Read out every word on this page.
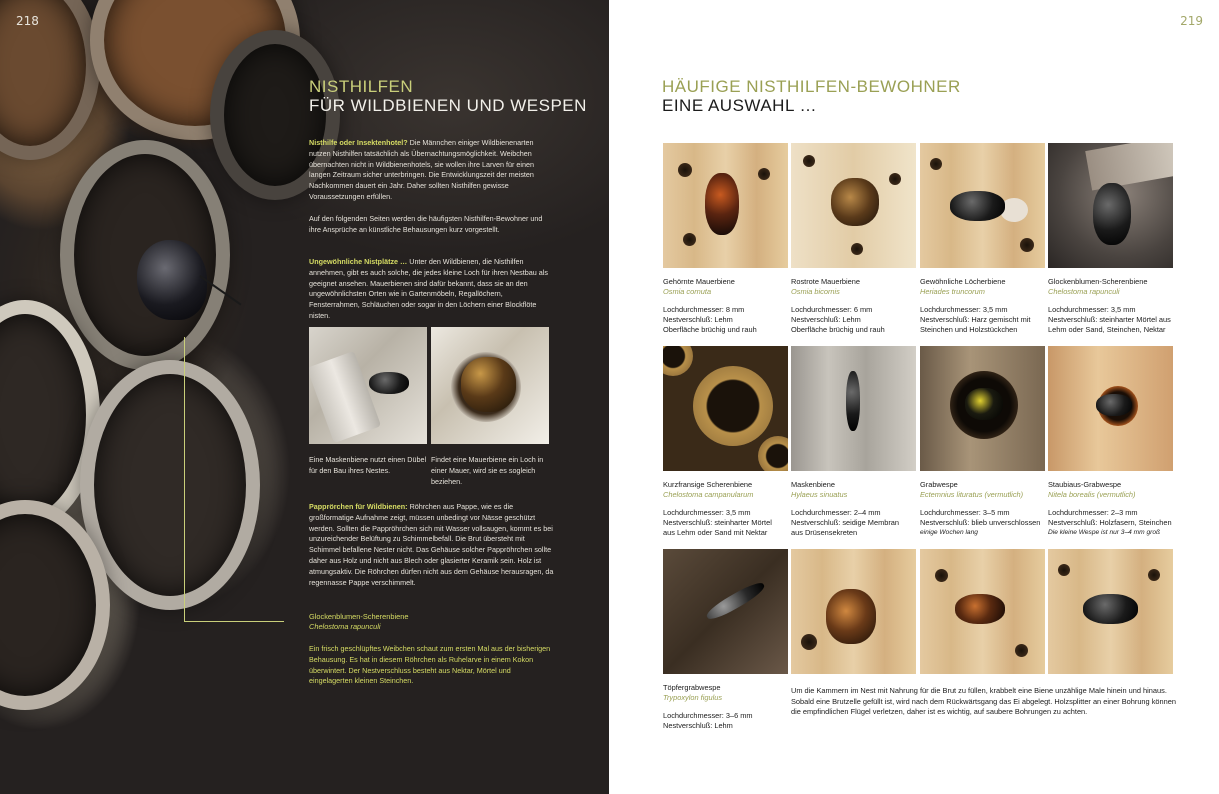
218
NISTHILFEN
FÜR WILDBIENEN UND WESPEN

Nisthilfe oder Insektenhotel? Die Männchen einiger Wildbienenarten nutzen Nisthilfen tatsächlich als Übernachtungsmöglichkeit. Weibchen übernachten nicht in Wildbienenhotels, sie wollen ihre Larven für einen langen Zeitraum sicher unterbringen. Die Entwicklungszeit der meisten Nachkommen dauert ein Jahr. Daher sollten Nisthilfen gewisse Voraussetzungen erfüllen.

Auf den folgenden Seiten werden die häufigsten Nisthilfen-Bewohner und ihre Ansprüche an künstliche Behausungen kurz vorgestellt.

Ungewöhnliche Nistplätze … Unter den Wildbienen, die Nisthilfen annehmen, gibt es auch solche, die jedes kleine Loch für ihren Nestbau als geeignet ansehen. Mauerbienen sind dafür bekannt, dass sie an den ungewöhnlichsten Orten wie in Gartenmöbeln, Regallöchern, Fensterrahmen, Schläuchen oder sogar in den Löchern einer Blockflöte nisten.

Eine Maskenbiene nutzt einen Dübel für den Bau ihres Nestes.

Findet eine Mauerbiene ein Loch in einer Mauer, wird sie es sogleich beziehen.

Papprörchen für Wildbienen: Röhrchen aus Pappe, wie es die großformatige Aufnahme zeigt, müssen unbedingt vor Nässe geschützt werden. Sollten die Pappröhrchen sich mit Wasser vollsaugen, kommt es bei unzureichender Belüftung zu Schimmelbefall. Die Brut übersteht mit Schimmel befallene Nester nicht. Das Gehäuse solcher Pappröhrchen sollte daher aus Holz und nicht aus Blech oder glasierter Keramik sein. Holz ist atmungsaktiv. Die Röhrchen dürfen nicht aus dem Gehäuse herausragen, da regennasse Pappe verschimmelt.

Glockenblumen-Scherenbiene
Chelostoma rapunculi

Ein frisch geschlüpftes Weibchen schaut zum ersten Mal aus der bisherigen Behausung. Es hat in diesem Röhrchen als Ruhelarve in einem Kokon überwintert. Der Nestverschluss besteht aus Nektar, Mörtel und eingelagerten kleinen Steinchen.

219
HÄUFIGE NISTHILFEN-BEWOHNER
EINE AUSWAHL …
Gehörnte Mauerbiene
Osmia cornuta
Lochdurchmesser: 8 mm
Nestverschluß: Lehm
Oberfläche brüchig und rauh
Rostrote Mauerbiene
Osmia bicornis
Lochdurchmesser: 6 mm
Nestverschluß: Lehm
Oberfläche brüchig und rauh
Gewöhnliche Löcherbiene
Heriades truncorum
Lochdurchmesser: 3,5 mm
Nestverschluß: Harz gemischt mit
Steinchen und Holzstückchen
Glockenblumen-Scherenbiene
Chelostoma rapunculi
Lochdurchmesser: 3,5 mm
Nestverschluß: steinharter Mörtel aus
Lehm oder Sand, Steinchen, Nektar
Kurzfransige Scherenbiene
Chelostoma campanularum
Lochdurchmesser: 3,5 mm
Nestverschluß: steinharter Mörtel
aus Lehm oder Sand mit Nektar
Maskenbiene
Hylaeus sinuatus
Lochdurchmesser: 2–4 mm
Nestverschluß: seidige Membran
aus Drüsensekreten
Grabwespe
Ectemnius lituratus (vermutlich)
Lochdurchmesser: 3–5 mm
Nestverschluß: blieb unverschlossen
einige Wochen lang
Staubiaus-Grabwespe
Nitela borealis (vermutlich)
Lochdurchmesser: 2–3 mm
Nestverschluß: Holzfasern, Steinchen
Die kleine Wespe ist nur 3–4 mm groß
Töpfergrabwespe
Trypoxylon figulus
Lochdurchmesser: 3–6 mm
Nestverschluß: Lehm

Um die Kammern im Nest mit Nahrung für die Brut zu füllen, krabbelt eine Biene unzählige Male hinein und hinaus. Sobald eine Brutzelle gefüllt ist, wird nach dem Rückwärtsgang das Ei abgelegt. Holzsplitter an einer Bohrung können die empfindlichen Flügel verletzen, daher ist es wichtig, auf saubere Bohrungen zu achten.
